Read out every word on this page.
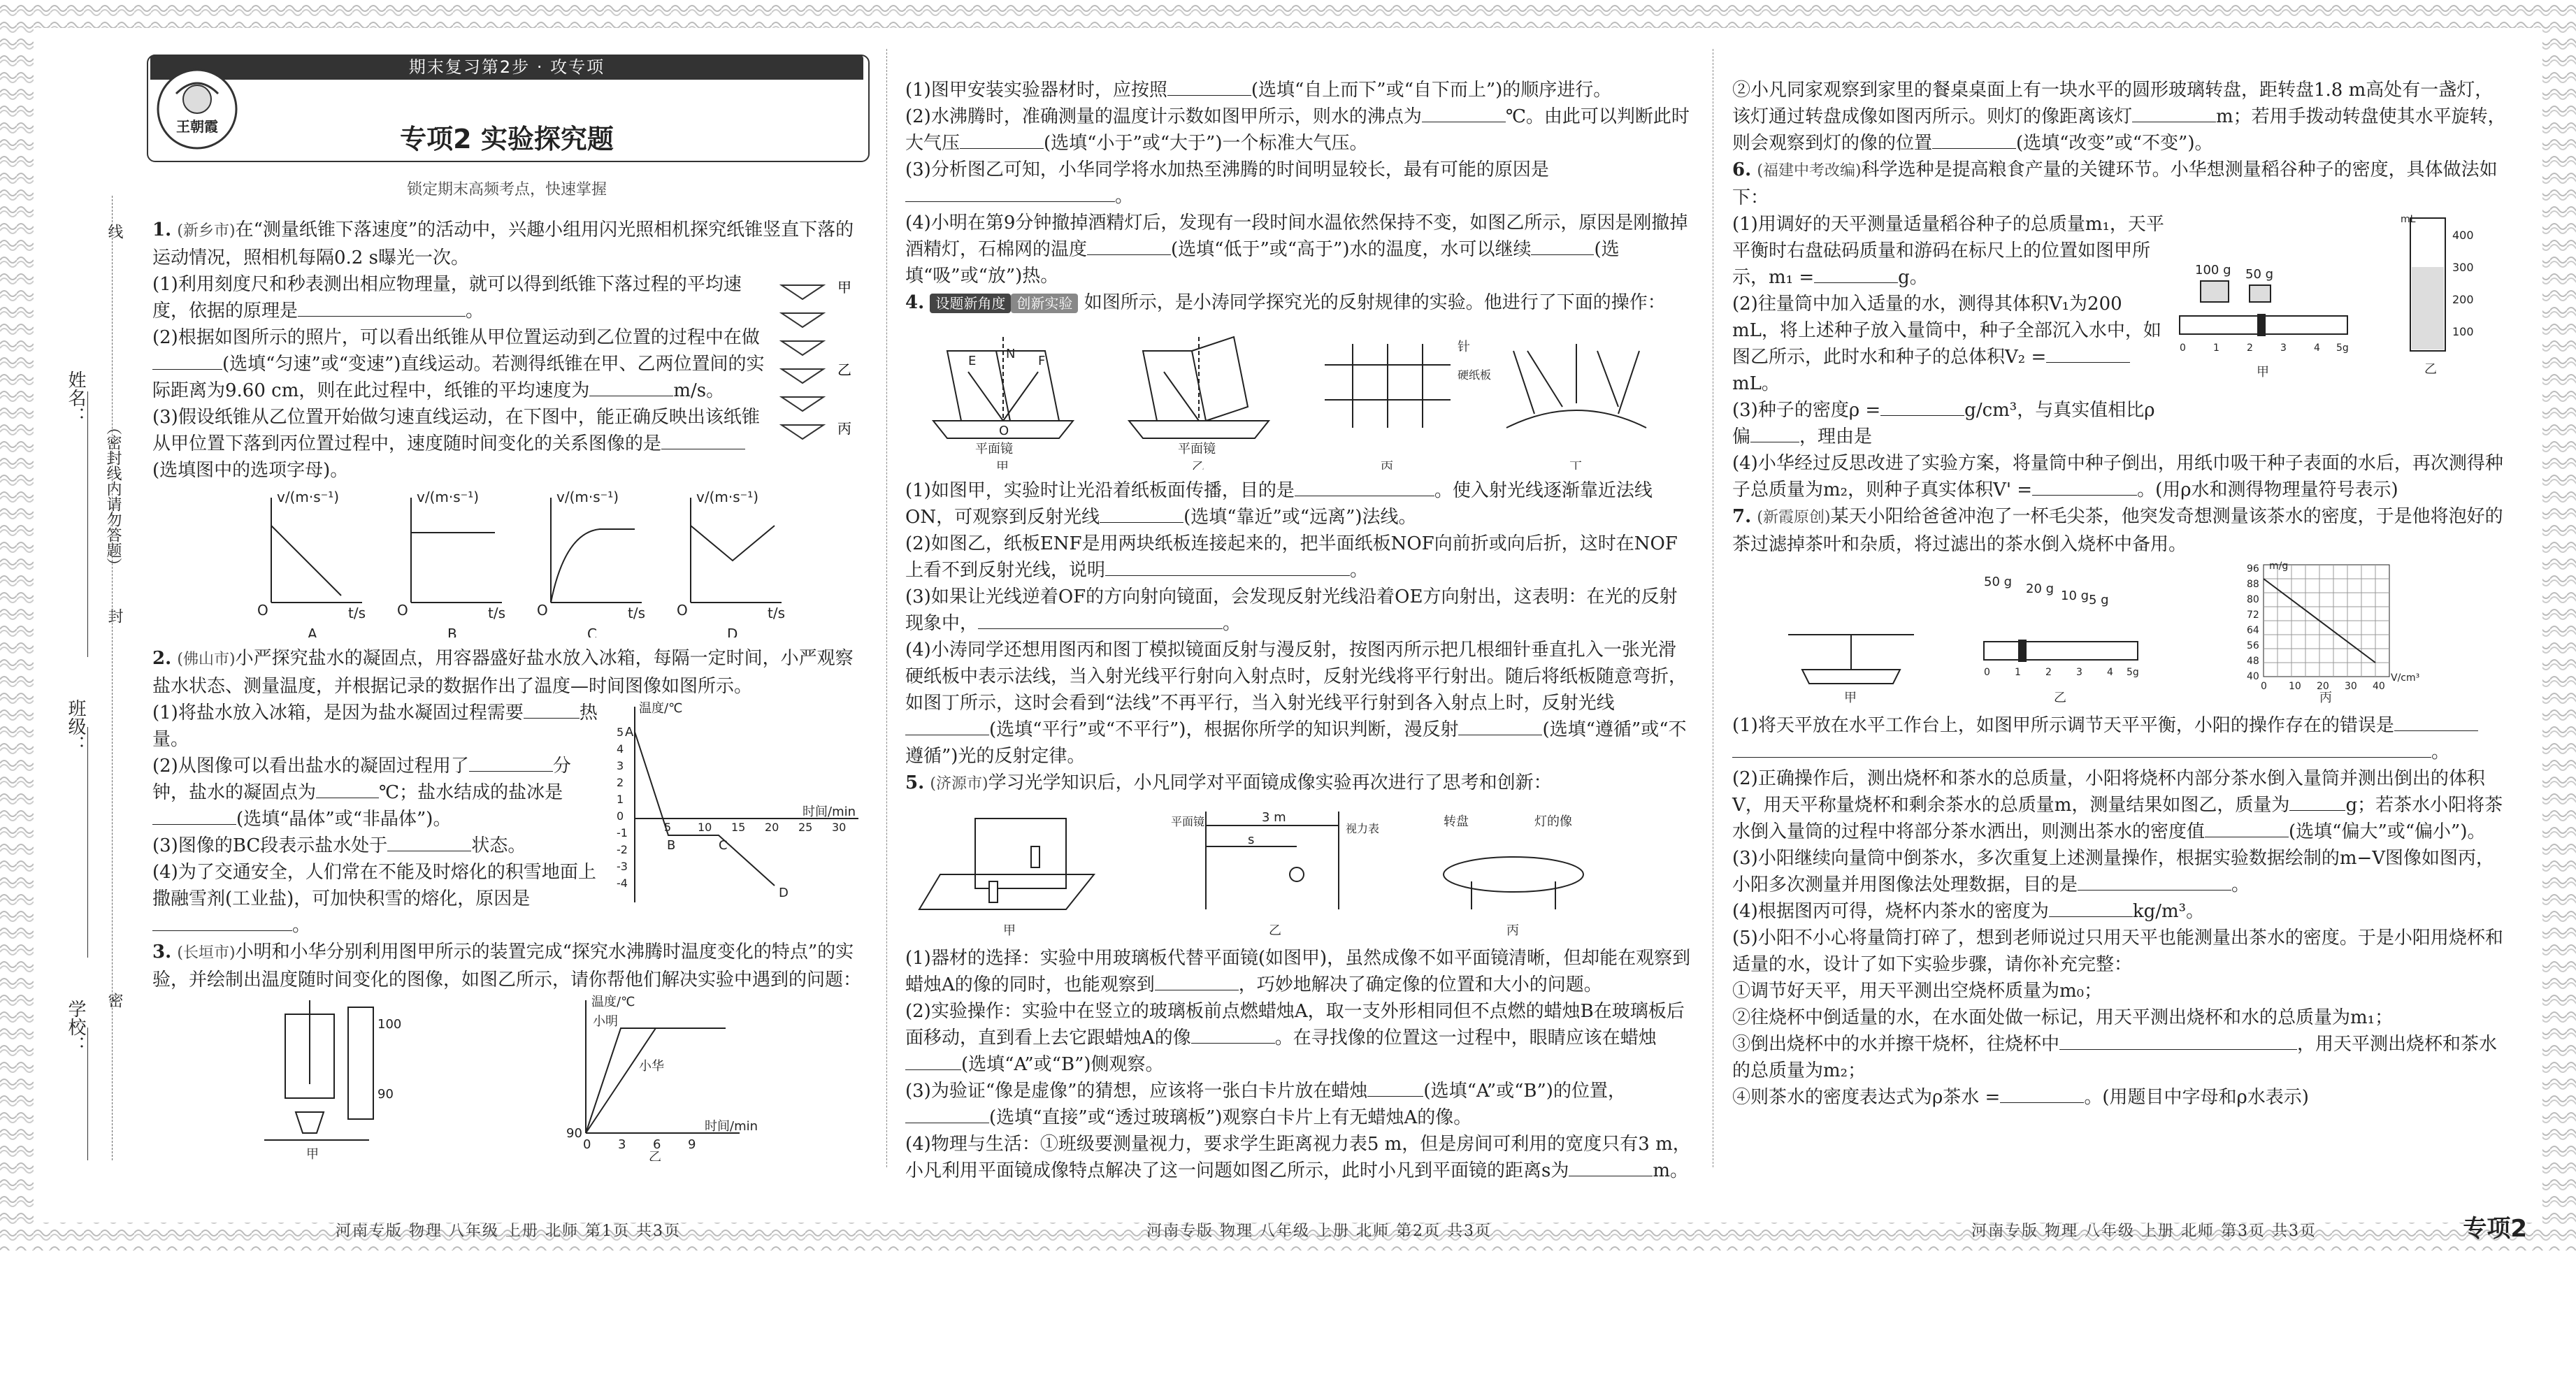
姓名：
班级：
学校：
（密封线内请勿答题）
线
封
密
期末复习第2步 · 攻专项
专项2 实验探究题
锁定期末高频考点，快速掌握
王朝霞

1. (新乡市)在“测量纸锥下落速度”的活动中，兴趣小组用闪光照相机探究纸锥竖直下落的运动情况，照相机每隔0.2 s曝光一次。

(1)利用刻度尺和秒表测出相应物理量，就可以得到纸锥下落过程的平均速度，依据的原理是	。

(2)根据如图所示的照片，可以看出纸锥从甲位置运动到乙位置的过程中在做(选填“匀速”或“变速”)直线运动。若测得纸锥在甲、乙两位置间的实际距离为9.60 cm，则在此过程中，纸锥的平均速度为	m/s。

(3)假设纸锥从乙位置开始做匀速直线运动，在下图中，能正确反映出该纸锥从甲位置下落到丙位置过程中，速度随时间变化的关系图像的是(选填图中的选项字母)。

甲
乙
丙
v/(m·s⁻¹)
t/s
O
A
v/(m·s⁻¹)
t/s
O
B
v/(m·s⁻¹)
t/s
O
C
v/(m·s⁻¹)
t/s
O
D

2. (佛山市)小严探究盐水的凝固点，用容器盛好盐水放入冰箱，每隔一定时间，小严观察盐水状态、测量温度，并根据记录的数据作出了温度—时间图像如图所示。

(1)将盐水放入冰箱，是因为盐水凝固过程需要	热量。

(2)从图像可以看出盐水的凝固过程用了	分钟，盐水的凝固点为	℃；盐水结成的盐冰是(选填“晶体”或“非晶体”)。

(3)图像的BC段表示盐水处于	状态。

(4)为了交通安全，人们常在不能及时熔化的积雪地面上撒融雪剂(工业盐)，可加快积雪的熔化，原因是。

温度/℃
时间/min
5
4
3
2
1
0
-1
-2
-3
-4
5 10 15 20 25 30
A
B	C
D

3. (长垣市)小明和小华分别利用图甲所示的装置完成“探究水沸腾时温度变化的特点”的实验，并绘制出温度随时间变化的图像，如图乙所示，请你帮他们解决实验中遇到的问题：

100
90
甲
温度/℃
时间/min
90
0 3 6 9
小明
小华
乙
河南专版 物理 八年级 上册 北师 第1页 共3页

(1)图甲安装实验器材时，应按照	(选填“自上而下”或“自下而上”)的顺序进行。

(2)水沸腾时，准确测量的温度计示数如图甲所示，则水的沸点为	℃。由此可以判断此时大气压	(选填“小于”或“大于”)一个标准大气压。

(3)分析图乙可知，小华同学将水加热至沸腾的时间明显较长，最有可能的原因是。

(4)小明在第9分钟撤掉酒精灯后，发现有一段时间水温依然保持不变，如图乙所示，原因是刚撤掉酒精灯，石棉网的温度	(选填“低于”或“高于”)水的温度，水可以继续	(选填“吸”或“放”)热。

4. 设题新角度 创新实验 如图所示，是小涛同学探究光的反射规律的实验。他进行了下面的操作：

E N F
O
平面镜
甲
平面镜
乙
针
硬纸板
丙	丁

(1)如图甲，实验时让光沿着纸板面传播，目的是	。使入射光线逐渐靠近法线ON，可观察到反射光线	(选填“靠近”或“远离”)法线。

(2)如图乙，纸板ENF是用两块纸板连接起来的，把半面纸板NOF向前折或向后折，这时在NOF上看不到反射光线，说明	。

(3)如果让光线逆着OF的方向射向镜面，会发现反射光线沿着OE方向射出，这表明：在光的反射现象中，	。

(4)小涛同学还想用图丙和图丁模拟镜面反射与漫反射，按图丙所示把几根细针垂直扎入一张光滑硬纸板中表示法线，当入射光线平行射向入射点时，反射光线将平行射出。随后将纸板随意弯折，如图丁所示，这时会看到“法线”不再平行，当入射光线平行射到各入射点上时，反射光线(选填“平行”或“不平行”)，根据你所学的知识判断，漫反射	(选填“遵循”或“不遵循”)光的反射定律。

5. (济源市)学习光学知识后，小凡同学对平面镜成像实验再次进行了思考和创新：

甲
平面镜
视力表
3 m
s
乙
转盘	灯的像
丙

(1)器材的选择：实验中用玻璃板代替平面镜(如图甲)，虽然成像不如平面镜清晰，但却能在观察到蜡烛A的像的同时，也能观察到	，巧妙地解决了确定像的位置和大小的问题。

(2)实验操作：实验中在竖立的玻璃板前点燃蜡烛A，取一支外形相同但不点燃的蜡烛B在玻璃板后面移动，直到看上去它跟蜡烛A的像	。在寻找像的位置这一过程中，眼睛应该在蜡烛(选填“A”或“B”)侧观察。

(3)为验证“像是虚像”的猜想，应该将一张白卡片放在蜡烛	(选填“A”或“B”)的位置，(选填“直接”或“透过玻璃板”)观察白卡片上有无蜡烛A的像。

(4)物理与生活：①班级要测量视力，要求学生距离视力表5 m，但是房间可利用的宽度只有3 m，小凡利用平面镜成像特点解决了这一问题如图乙所示，此时小凡到平面镜的距离s为	m。

河南专版 物理 八年级 上册 北师 第2页 共3页

②小凡同家观察到家里的餐桌桌面上有一块水平的圆形玻璃转盘，距转盘1.8 m高处有一盏灯，该灯通过转盘成像如图丙所示。则灯的像距离该灯	m；若用手拨动转盘使其水平旋转，则会观察到灯的像的位置	(选填“改变”或“不变”)。

6. (福建中考改编)科学选种是提高粮食产量的关键环节。小华想测量稻谷种子的密度，具体做法如下：

(1)用调好的天平测量适量稻谷种子的总质量m₁，天平平衡时右盘砝码质量和游码在标尺上的位置如图甲所示，m₁ =	g。

(2)往量筒中加入适量的水，测得其体积V₁为200 mL，将上述种子放入量筒中，种子全部沉入水中，如图乙所示，此时水和种子的总体积V₂ =mL。

(3)种子的密度ρ =	g/cm³，与真实值相比ρ偏	，理由是

100 g 50 g
0	1	2	3	4 5g
甲
mL
400
300
200
100
乙

(4)小华经过反思改进了实验方案，将量筒中种子倒出，用纸巾吸干种子表面的水后，再次测得种子总质量为m₂，则种子真实体积V' =	。(用ρ水和测得物理量符号表示)

7. (新霞原创)某天小阳给爸爸冲泡了一杯毛尖茶，他突发奇想测量该茶水的密度，于是他将泡好的茶过滤掉茶叶和杂质，将过滤出的茶水倒入烧杯中备用。

甲
50 g 20 g 10 g 5 g
0	1	2	3	4 5g
乙
m/g
V/cm³
96
88
80
72
64
56
48
40
0 10 20 30 40
丙

(1)将天平放在水平工作台上，如图甲所示调节天平平衡，小阳的操作存在的错误是

。

(2)正确操作后，测出烧杯和茶水的总质量，小阳将烧杯内部分茶水倒入量筒并测出倒出的体积V，用天平称量烧杯和剩余茶水的总质量m，测量结果如图乙，质量为	g；若茶水小阳将茶水倒入量筒的过程中将部分茶水洒出，则测出茶水的密度值	(选填“偏大”或“偏小”)。

(3)小阳继续向量筒中倒茶水，多次重复上述测量操作，根据实验数据绘制的m−V图像如图丙，小阳多次测量并用图像法处理数据，目的是	。

(4)根据图丙可得，烧杯内茶水的密度为	kg/m³。

(5)小阳不小心将量筒打碎了，想到老师说过只用天平也能测量出茶水的密度。于是小阳用烧杯和适量的水，设计了如下实验步骤，请你补充完整：

①调节好天平，用天平测出空烧杯质量为m₀；

②往烧杯中倒适量的水，在水面处做一标记，用天平测出烧杯和水的总质量为m₁；

③倒出烧杯中的水并擦干烧杯，往烧杯中	，用天平测出烧杯和茶水的总质量为m₂；

④则茶水的密度表达式为ρ茶水 =	。(用题目中字母和ρ水表示)

河南专版 物理 八年级 上册 北师 第3页 共3页	专项2
